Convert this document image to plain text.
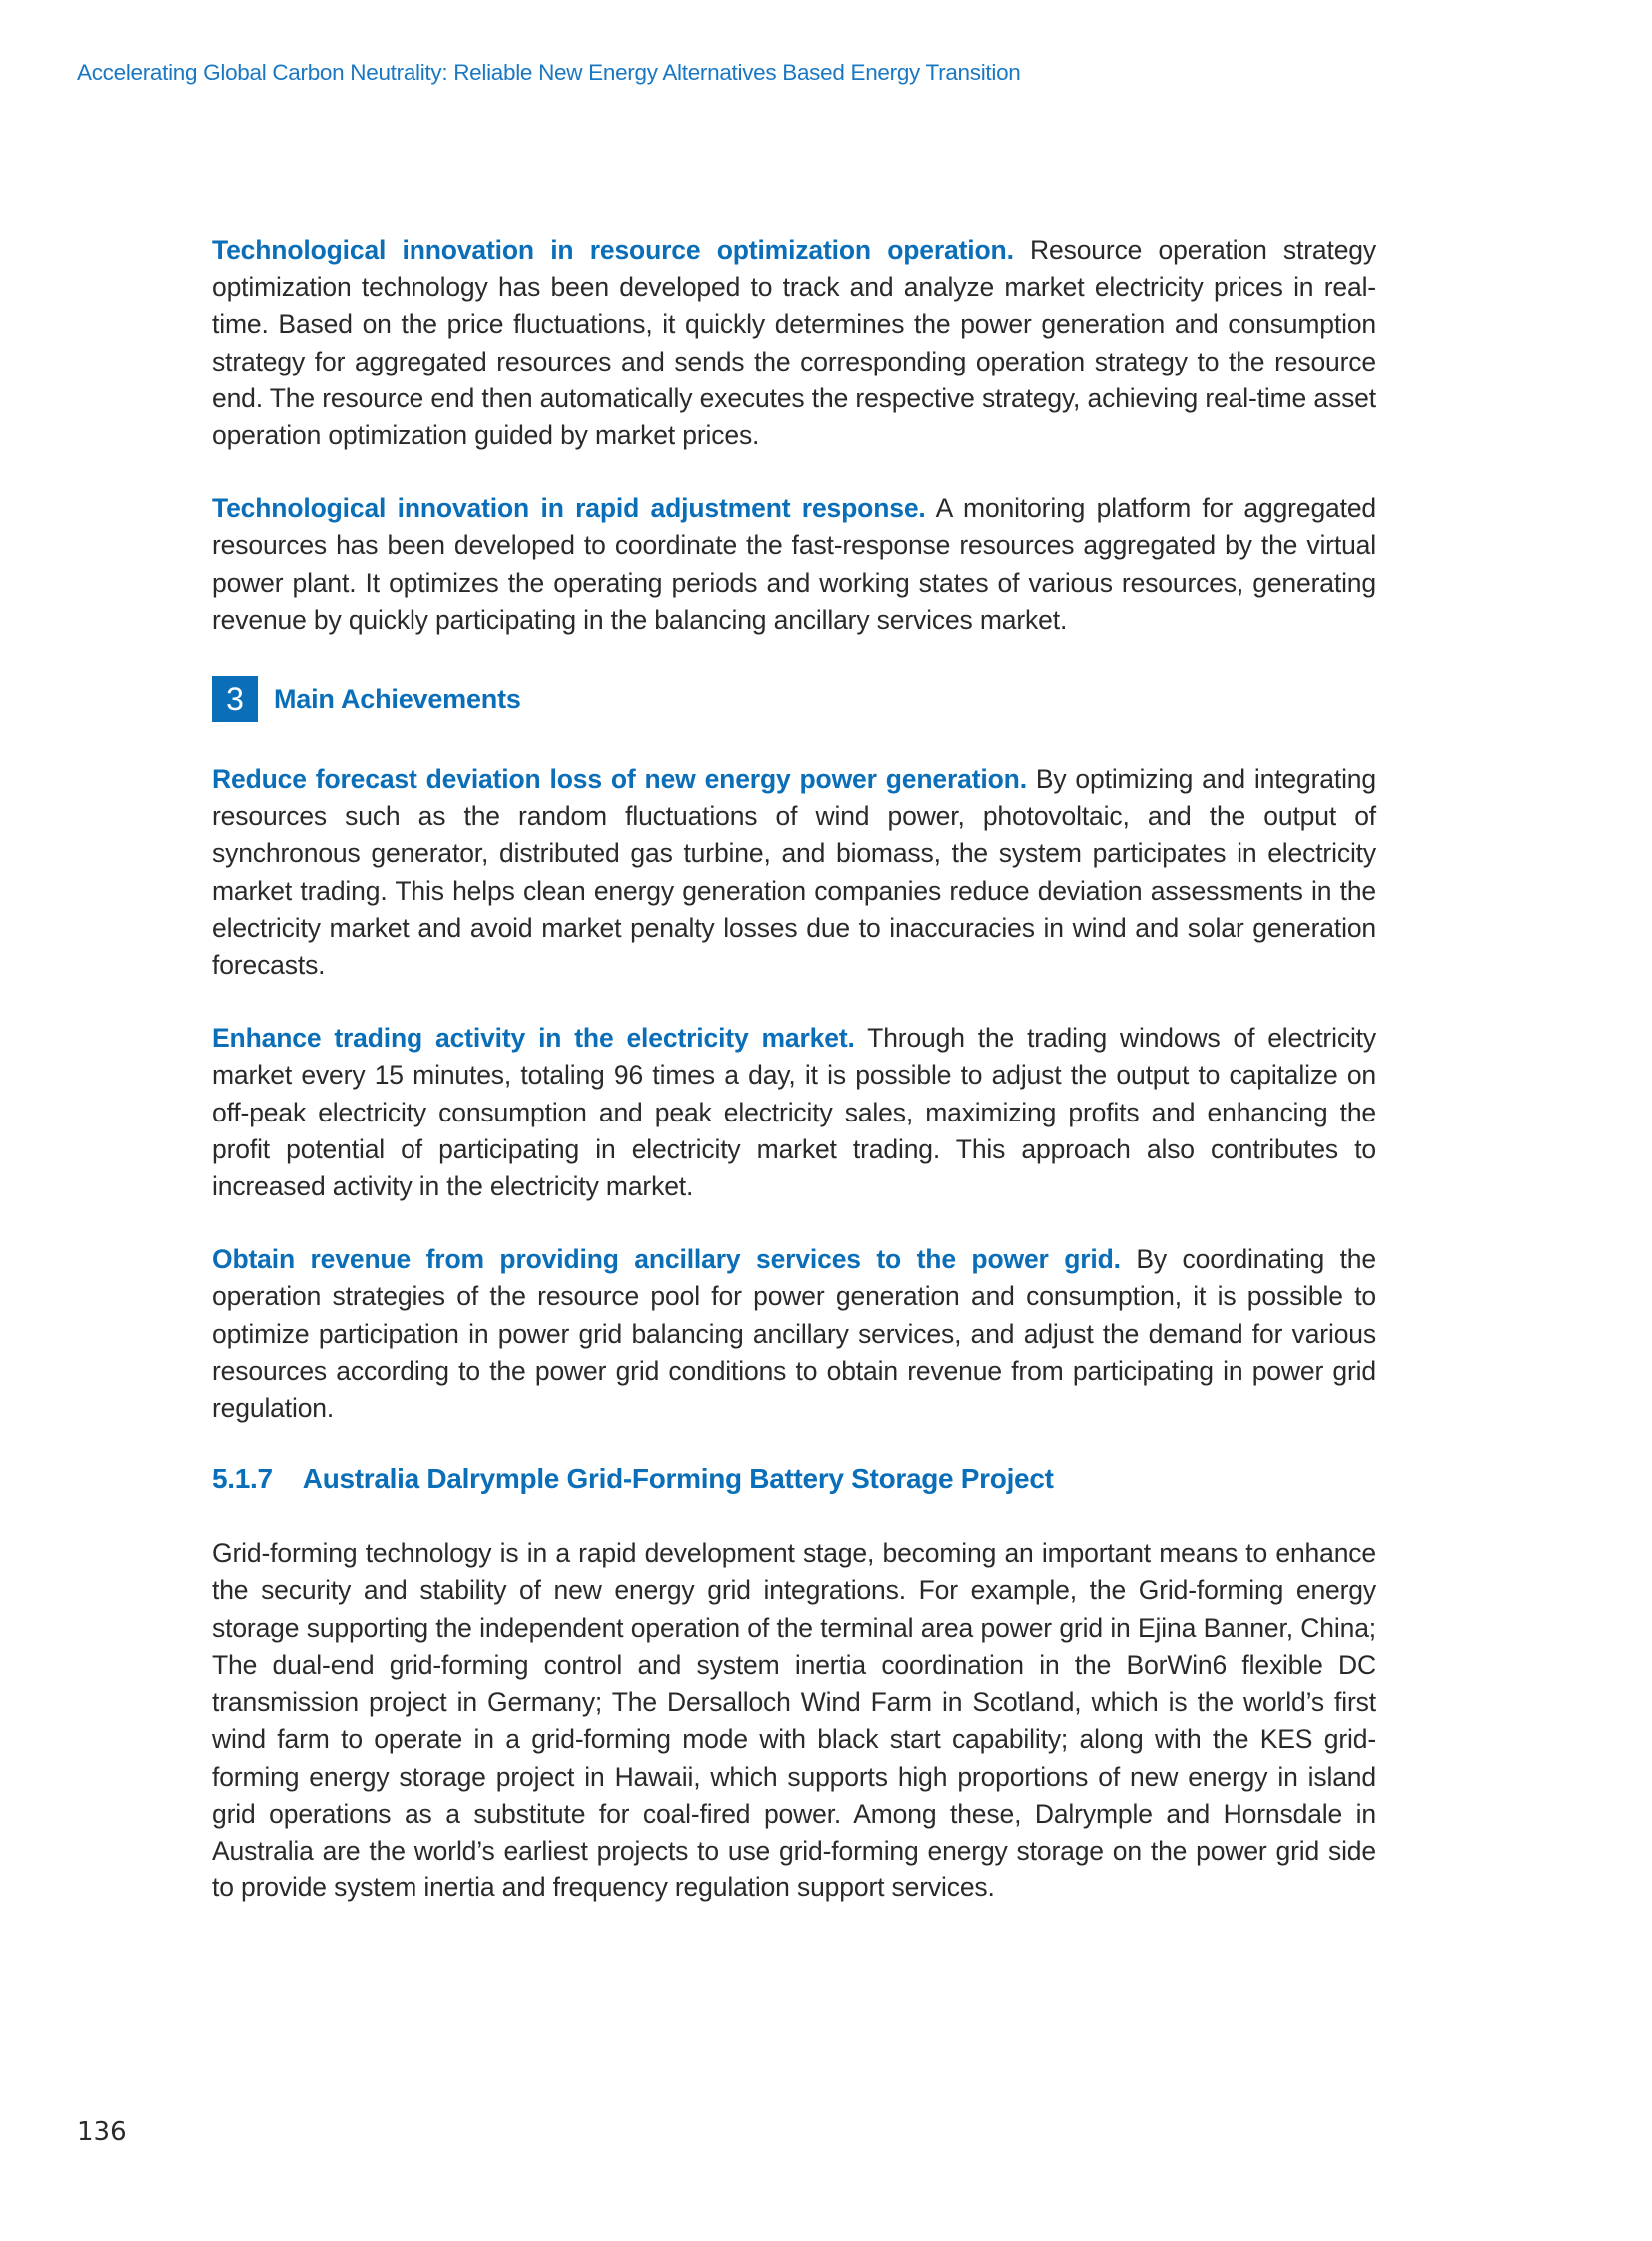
Accelerating Global Carbon Neutrality: Reliable New Energy Alternatives Based Energy Transition

Technological innovation in resource optimization operation. Resource operation strategy optimization technology has been developed to track and analyze market electricity prices in real-time. Based on the price fluctuations, it quickly determines the power generation and consumption strategy for aggregated resources and sends the corresponding operation strategy to the resource end. The resource end then automatically executes the respective strategy, achieving real-time asset operation optimization guided by market prices.

Technological innovation in rapid adjustment response. A monitoring platform for aggregated resources has been developed to coordinate the fast-response resources aggregated by the virtual power plant. It optimizes the operating periods and working states of various resources, generating revenue by quickly participating in the balancing ancillary services market.

3	Main Achievements

Reduce forecast deviation loss of new energy power generation. By optimizing and integrating resources such as the random fluctuations of wind power, photovoltaic, and the output of synchronous generator, distributed gas turbine, and biomass, the system participates in electricity market trading. This helps clean energy generation companies reduce deviation assessments in the electricity market and avoid market penalty losses due to inaccuracies in wind and solar generation forecasts.

Enhance trading activity in the electricity market. Through the trading windows of electricity market every 15 minutes, totaling 96 times a day, it is possible to adjust the output to capitalize on off-peak electricity consumption and peak electricity sales, maximizing profits and enhancing the profit potential of participating in electricity market trading. This approach also contributes to increased activity in the electricity market.

Obtain revenue from providing ancillary services to the power grid. By coordinating the operation strategies of the resource pool for power generation and consumption, it is possible to optimize participation in power grid balancing ancillary services, and adjust the demand for various resources according to the power grid conditions to obtain revenue from participating in power grid regulation.

5.1.7 Australia Dalrymple Grid-Forming Battery Storage Project

Grid-forming technology is in a rapid development stage, becoming an important means to enhance the security and stability of new energy grid integrations. For example, the Grid-forming energy storage supporting the independent operation of the terminal area power grid in Ejina Banner, China; The dual-end grid-forming control and system inertia coordination in the BorWin6 flexible DC transmission project in Germany; The Dersalloch Wind Farm in Scotland, which is the world’s first wind farm to operate in a grid-forming mode with black start capability; along with the KES grid-forming energy storage project in Hawaii, which supports high proportions of new energy in island grid operations as a substitute for coal-fired power. Among these, Dalrymple and Hornsdale in Australia are the world’s earliest projects to use grid-forming energy storage on the power grid side to provide system inertia and frequency regulation support services.

136
